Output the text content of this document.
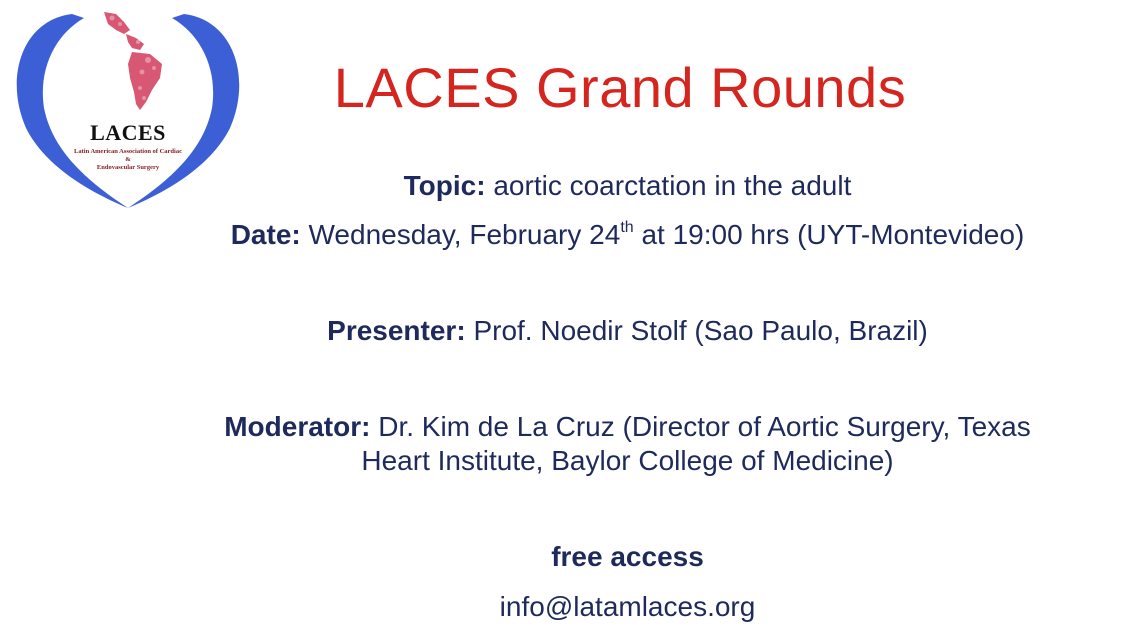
LACES
Latin American Association of Cardiac
&
Endovascular Surgery
LACES Grand Rounds
Topic: aortic coarctation in the adult
Date: Wednesday, February 24th at 19:00 hrs (UYT-Montevideo)
Presenter: Prof. Noedir Stolf (Sao Paulo, Brazil)
Moderator: Dr. Kim de La Cruz (Director of Aortic Surgery, Texas
Heart Institute, Baylor College of Medicine)
free access
info@latamlaces.org
